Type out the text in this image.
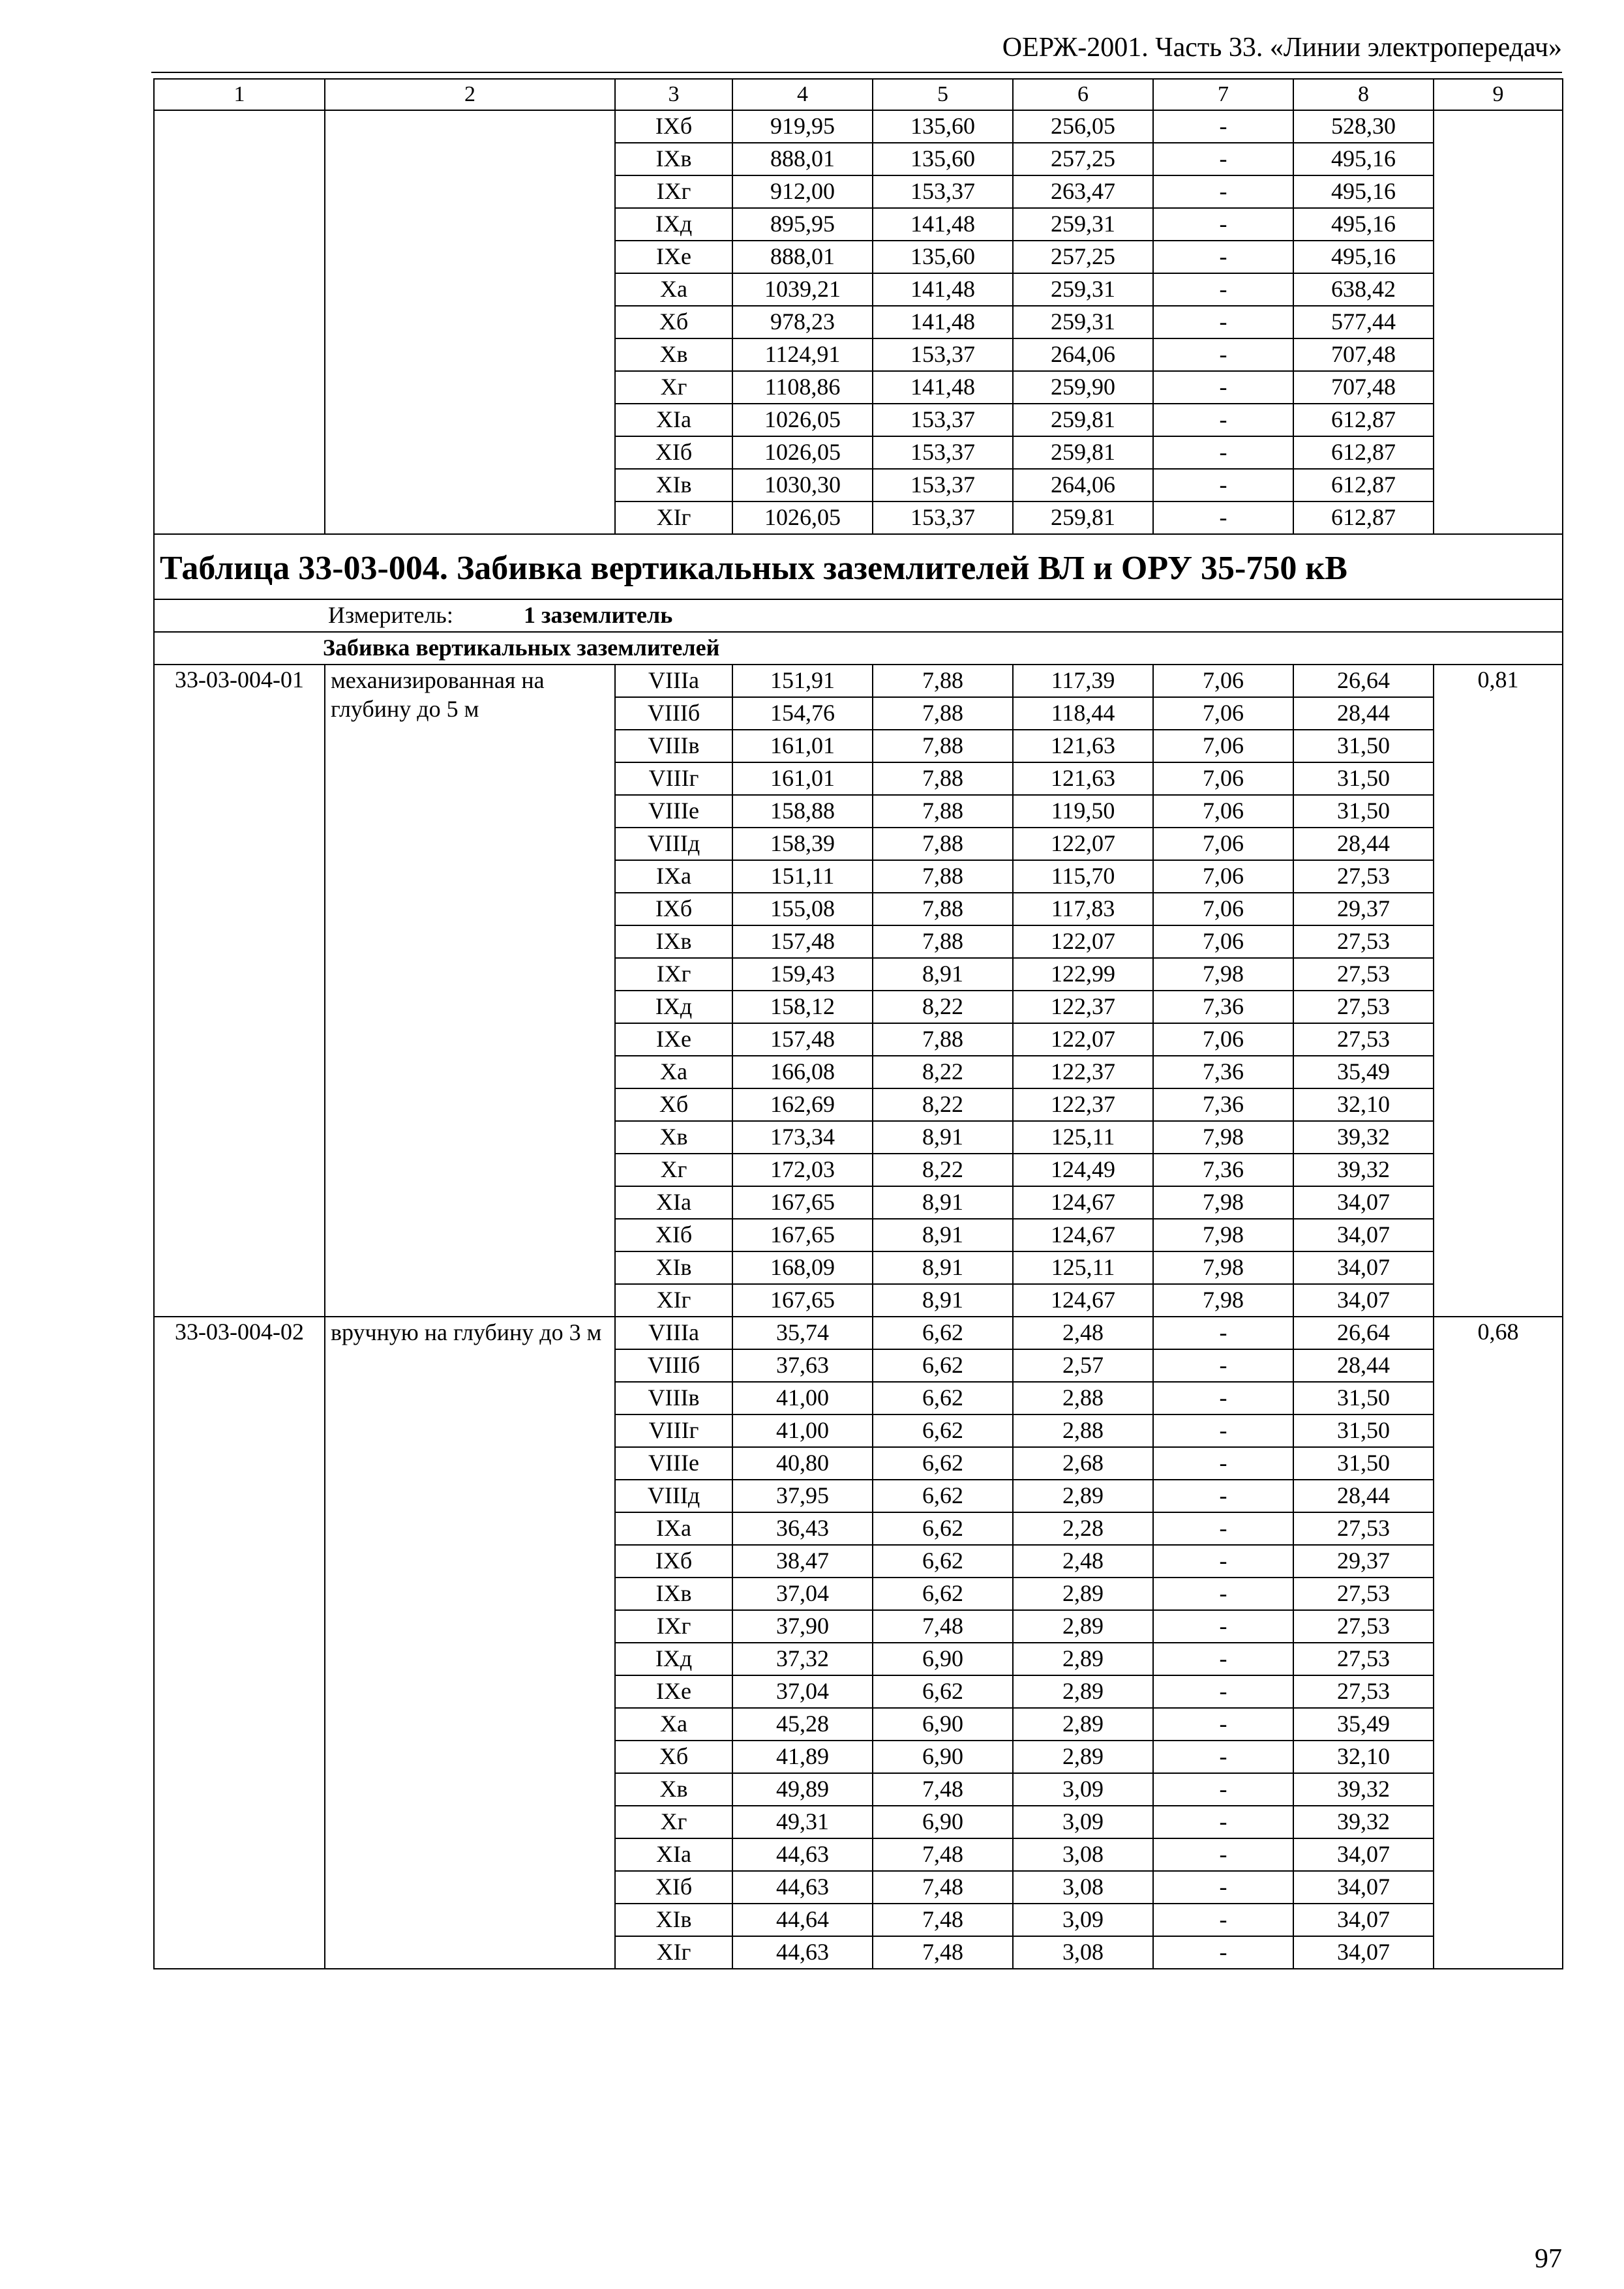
ОЕРЖ-2001. Часть 33. «Линии электропередач»
1	2	3	4	5	6	7	8	9
		IXб	919,95	135,60	256,05	-	528,30	
		IXв	888,01	135,60	257,25	-	495,16	
		IXг	912,00	153,37	263,47	-	495,16	
		IXд	895,95	141,48	259,31	-	495,16	
		IXе	888,01	135,60	257,25	-	495,16	
		Xа	1039,21	141,48	259,31	-	638,42	
		Xб	978,23	141,48	259,31	-	577,44	
		Xв	1124,91	153,37	264,06	-	707,48	
		Xг	1108,86	141,48	259,90	-	707,48	
		XIа	1026,05	153,37	259,81	-	612,87	
		XIб	1026,05	153,37	259,81	-	612,87	
		XIв	1030,30	153,37	264,06	-	612,87	
		XIг	1026,05	153,37	259,81	-	612,87	
Таблица 33-03-004. Забивка вертикальных заземлителей ВЛ и ОРУ 35-750 кВ								
Измеритель: 1 заземлитель								
Забивка вертикальных заземлителей								
33-03-004-01	механизированная на глубину до 5 м	VIIIа	151,91	7,88	117,39	7,06	26,64	0,81
		VIIIб	154,76	7,88	118,44	7,06	28,44	
		VIIIв	161,01	7,88	121,63	7,06	31,50	
		VIIIг	161,01	7,88	121,63	7,06	31,50	
		VIIIе	158,88	7,88	119,50	7,06	31,50	
		VIIIд	158,39	7,88	122,07	7,06	28,44	
		IXа	151,11	7,88	115,70	7,06	27,53	
		IXб	155,08	7,88	117,83	7,06	29,37	
		IXв	157,48	7,88	122,07	7,06	27,53	
		IXг	159,43	8,91	122,99	7,98	27,53	
		IXд	158,12	8,22	122,37	7,36	27,53	
		IXе	157,48	7,88	122,07	7,06	27,53	
		Xа	166,08	8,22	122,37	7,36	35,49	
		Xб	162,69	8,22	122,37	7,36	32,10	
		Xв	173,34	8,91	125,11	7,98	39,32	
		Xг	172,03	8,22	124,49	7,36	39,32	
		XIа	167,65	8,91	124,67	7,98	34,07	
		XIб	167,65	8,91	124,67	7,98	34,07	
		XIв	168,09	8,91	125,11	7,98	34,07	
		XIг	167,65	8,91	124,67	7,98	34,07	
33-03-004-02	вручную на глубину до 3 м	VIIIа	35,74	6,62	2,48	-	26,64	0,68
		VIIIб	37,63	6,62	2,57	-	28,44	
		VIIIв	41,00	6,62	2,88	-	31,50	
		VIIIг	41,00	6,62	2,88	-	31,50	
		VIIIе	40,80	6,62	2,68	-	31,50	
		VIIIд	37,95	6,62	2,89	-	28,44	
		IXа	36,43	6,62	2,28	-	27,53	
		IXб	38,47	6,62	2,48	-	29,37	
		IXв	37,04	6,62	2,89	-	27,53	
		IXг	37,90	7,48	2,89	-	27,53	
		IXд	37,32	6,90	2,89	-	27,53	
		IXе	37,04	6,62	2,89	-	27,53	
		Xа	45,28	6,90	2,89	-	35,49	
		Xб	41,89	6,90	2,89	-	32,10	
		Xв	49,89	7,48	3,09	-	39,32	
		Xг	49,31	6,90	3,09	-	39,32	
		XIа	44,63	7,48	3,08	-	34,07	
		XIб	44,63	7,48	3,08	-	34,07	
		XIв	44,64	7,48	3,09	-	34,07	
		XIг	44,63	7,48	3,08	-	34,07	
97
